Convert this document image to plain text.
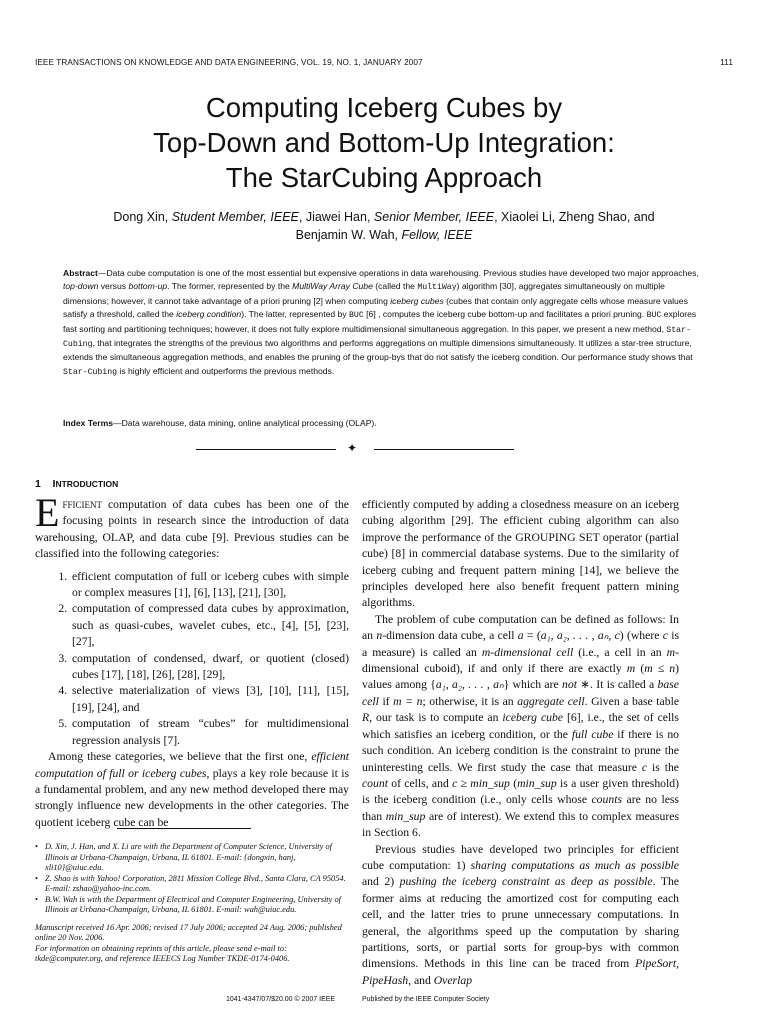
IEEE TRANSACTIONS ON KNOWLEDGE AND DATA ENGINEERING, VOL. 19, NO. 1, JANUARY 2007	111
Computing Iceberg Cubes by
Top-Down and Bottom-Up Integration:
The StarCubing Approach
Dong Xin, Student Member, IEEE, Jiawei Han, Senior Member, IEEE, Xiaolei Li, Zheng Shao, and
Benjamin W. Wah, Fellow, IEEE
Abstract—Data cube computation is one of the most essential but expensive operations in data warehousing. Previous studies have developed two major approaches, top-down versus bottom-up. The former, represented by the MultiWay Array Cube (called the MultiWay) algorithm [30], aggregates simultaneously on multiple dimensions; however, it cannot take advantage of a priori pruning [2] when computing iceberg cubes (cubes that contain only aggregate cells whose measure values satisfy a threshold, called the iceberg condition). The latter, represented by BUC [6] , computes the iceberg cube bottom-up and facilitates a priori pruning. BUC explores fast sorting and partitioning techniques; however, it does not fully explore multidimensional simultaneous aggregation. In this paper, we present a new method, Star-Cubing, that integrates the strengths of the previous two algorithms and performs aggregations on multiple dimensions simultaneously. It utilizes a star-tree structure, extends the simultaneous aggregation methods, and enables the pruning of the group-bys that do not satisfy the iceberg condition. Our performance study shows that Star-Cubing is highly efficient and outperforms the previous methods.
Index Terms—Data warehouse, data mining, online analytical processing (OLAP).
✦
1 INTRODUCTION

EFFICIENT computation of data cubes has been one of the focusing points in research since the introduction of data warehousing, OLAP, and data cube [9]. Previous studies can be classified into the following categories:

1. efficient computation of full or iceberg cubes with simple or complex measures [1], [6], [13], [21], [30],
2. computation of compressed data cubes by approximation, such as quasi-cubes, wavelet cubes, etc., [4], [5], [23], [27],
3. computation of condensed, dwarf, or quotient (closed) cubes [17], [18], [26], [28], [29],
4. selective materialization of views [3], [10], [11], [15], [19], [24], and
5. computation of stream “cubes” for multidimensional regression analysis [7].

Among these categories, we believe that the first one, efficient computation of full or iceberg cubes, plays a key role because it is a fundamental problem, and any new method developed there may strongly influence new developments in the other categories. The quotient iceberg cube can be

• D. Xin, J. Han, and X. Li are with the Department of Computer Science, University of Illinois at Urbana-Champaign, Urbana, IL 61801. E-mail: {dongxin, hanj, xli10}@uiuc.edu.
• Z. Shao is with Yahoo! Corporation, 2811 Mission College Blvd., Santa Clara, CA 95054. E-mail: zshao@yahoo-inc.com.
• B.W. Wah is with the Department of Electrical and Computer Engineering, University of Illinois at Urbana-Champaign, Urbana, IL 61801. E-mail: wah@uiuc.edu.
Manuscript received 16 Apr. 2006; revised 17 July 2006; accepted 24 Aug. 2006; published online 20 Nov. 2006.
For information on obtaining reprints of this article, please send e-mail to: tkde@computer.org, and reference IEEECS Log Number TKDE-0174-0406.

efficiently computed by adding a closedness measure on an iceberg cubing algorithm [29]. The efficient cubing algorithm can also improve the performance of the GROUPING SET operator (partial cube) [8] in commercial database systems. Due to the similarity of iceberg cubing and frequent pattern mining [14], we believe the principles developed here also benefit frequent pattern mining algorithms.

The problem of cube computation can be defined as follows: In an n-dimension data cube, a cell a = (a₁, a₂, . . . , aₙ, c) (where c is a measure) is called an m-dimensional cell (i.e., a cell in an m-dimensional cuboid), if and only if there are exactly m (m ≤ n) values among {a₁, a₂, . . . , aₙ} which are not ∗. It is called a base cell if m = n; otherwise, it is an aggregate cell. Given a base table R, our task is to compute an iceberg cube [6], i.e., the set of cells which satisfies an iceberg condition, or the full cube if there is no such condition. An iceberg condition is the constraint to prune the uninteresting cells. We first study the case that measure c is the count of cells, and c ≥ min_sup (min_sup is a user given threshold) is the iceberg condition (i.e., only cells whose counts are no less than min_sup are of interest). We extend this to complex measures in Section 6.

Previous studies have developed two principles for efficient cube computation: 1) sharing computations as much as possible and 2) pushing the iceberg constraint as deep as possible. The former aims at reducing the amortized cost for computing each cell, and the latter tries to prune unnecessary computations. In general, the algorithms speed up the computation by sharing partitions, sorts, or partial sorts for group-bys with common dimensions. Methods in this line can be traced from PipeSort, PipeHash, and Overlap

1041-4347/07/$20.00 © 2007 IEEE	Published by the IEEE Computer Society
